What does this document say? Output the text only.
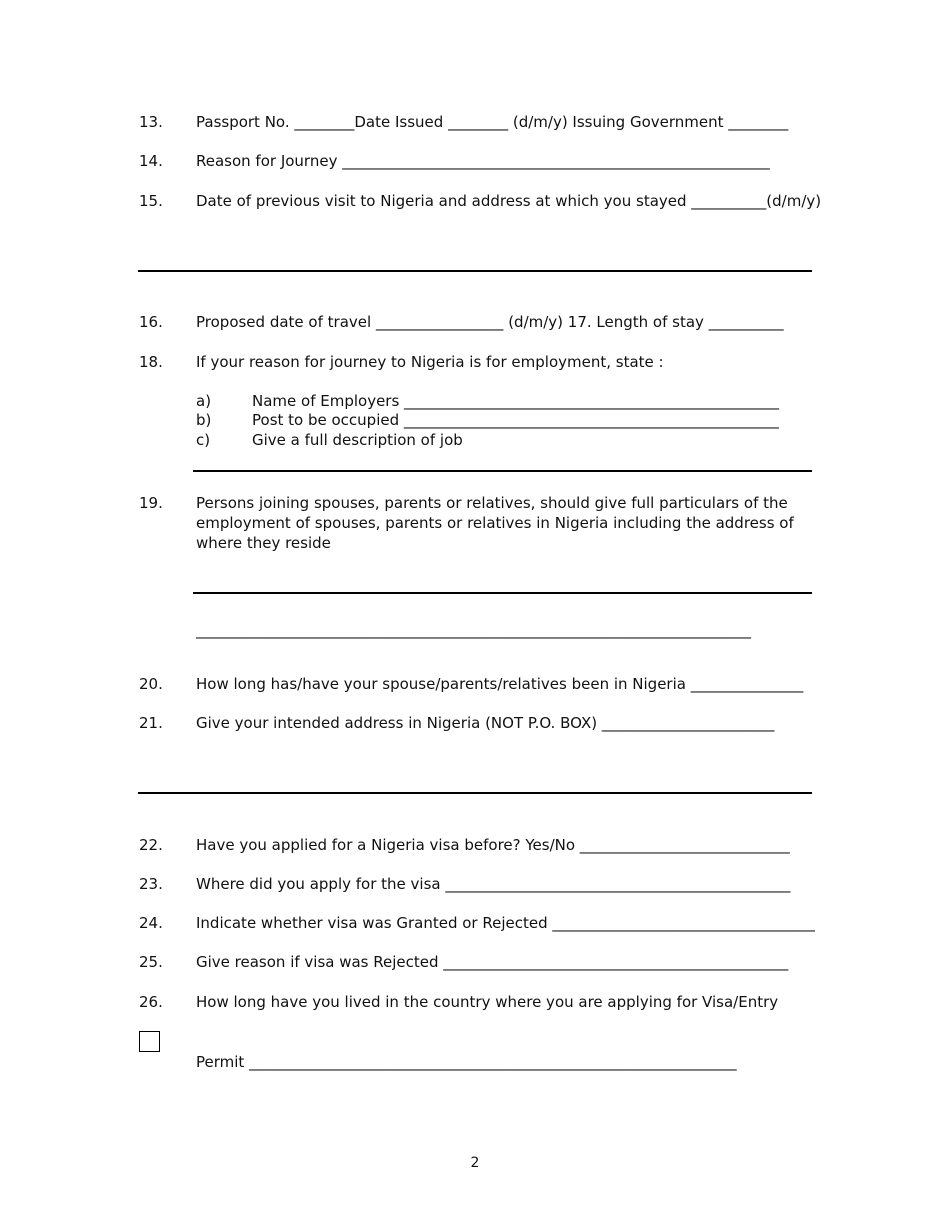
13. Passport No. ________Date Issued ________ (d/m/y) Issuing Government ________
14. Reason for Journey _________________________________________________________
15. Date of previous visit to Nigeria and address at which you stayed __________(d/m/y)
16. Proposed date of travel _________________ (d/m/y) 17. Length of stay __________
18. If your reason for journey to Nigeria is for employment, state :
a)	Name of Employers __________________________________________________
b)	Post to be occupied __________________________________________________
c)	Give a full description of job
19. Persons joining spouses, parents or relatives, should give full particulars of the employment of spouses, parents or relatives in Nigeria including the address of where they reside
__________________________________________________________________________
20. How long has/have your spouse/parents/relatives been in Nigeria _______________
21. Give your intended address in Nigeria (NOT P.O. BOX) _______________________
22. Have you applied for a Nigeria visa before? Yes/No ____________________________
23. Where did you apply for the visa ______________________________________________
24. Indicate whether visa was Granted or Rejected ___________________________________
25. Give reason if visa was Rejected ______________________________________________
26. How long have you lived in the country where you are applying for Visa/Entry
Permit _________________________________________________________________
2
